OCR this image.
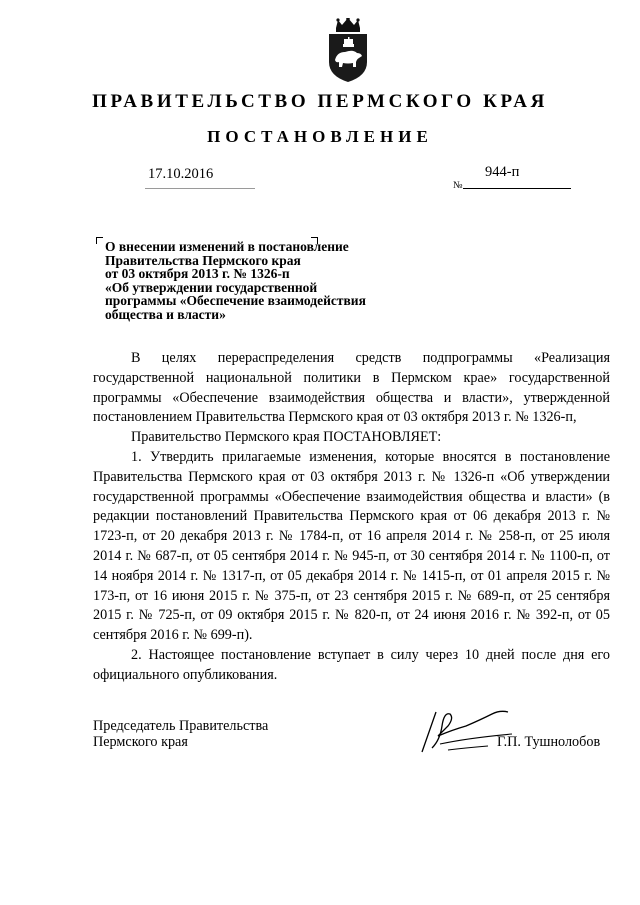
ПРАВИТЕЛЬСТВО ПЕРМСКОГО КРАЯ
ПОСТАНОВЛЕНИЕ
17.10.2016	944-п
№
О внесении изменений в постановление
Правительства Пермского края
от 03 октября 2013 г. № 1326-п
«Об утверждении государственной
программы «Обеспечение взаимодействия
общества и власти»

В целях перераспределения средств подпрограммы «Реализация государственной национальной политики в Пермском крае» государственной программы «Обеспечение взаимодействия общества и власти», утвержденной постановлением Правительства Пермского края от 03 октября 2013 г. № 1326-п,

Правительство Пермского края ПОСТАНОВЛЯЕТ:

1. Утвердить прилагаемые изменения, которые вносятся в постановление Правительства Пермского края от 03 октября 2013 г. № 1326-п «Об утверждении государственной программы «Обеспечение взаимодействия общества и власти» (в редакции постановлений Правительства Пермского края от 06 декабря 2013 г. № 1723-п, от 20 декабря 2013 г. № 1784-п, от 16 апреля 2014 г. № 258-п, от 25 июля 2014 г. № 687-п, от 05 сентября 2014 г. № 945-п, от 30 сентября 2014 г. № 1100-п, от 14 ноября 2014 г. № 1317-п, от 05 декабря 2014 г. № 1415-п, от 01 апреля 2015 г. № 173-п, от 16 июня 2015 г. № 375-п, от 23 сентября 2015 г. № 689-п, от 25 сентября 2015 г. № 725-п, от 09 октября 2015 г. № 820-п, от 24 июня 2016 г. № 392-п, от 05 сентября 2016 г. № 699-п).

2. Настоящее постановление вступает в силу через 10 дней после дня его официального опубликования.

Председатель Правительства
Пермского края	Г.П. Тушнолобов
